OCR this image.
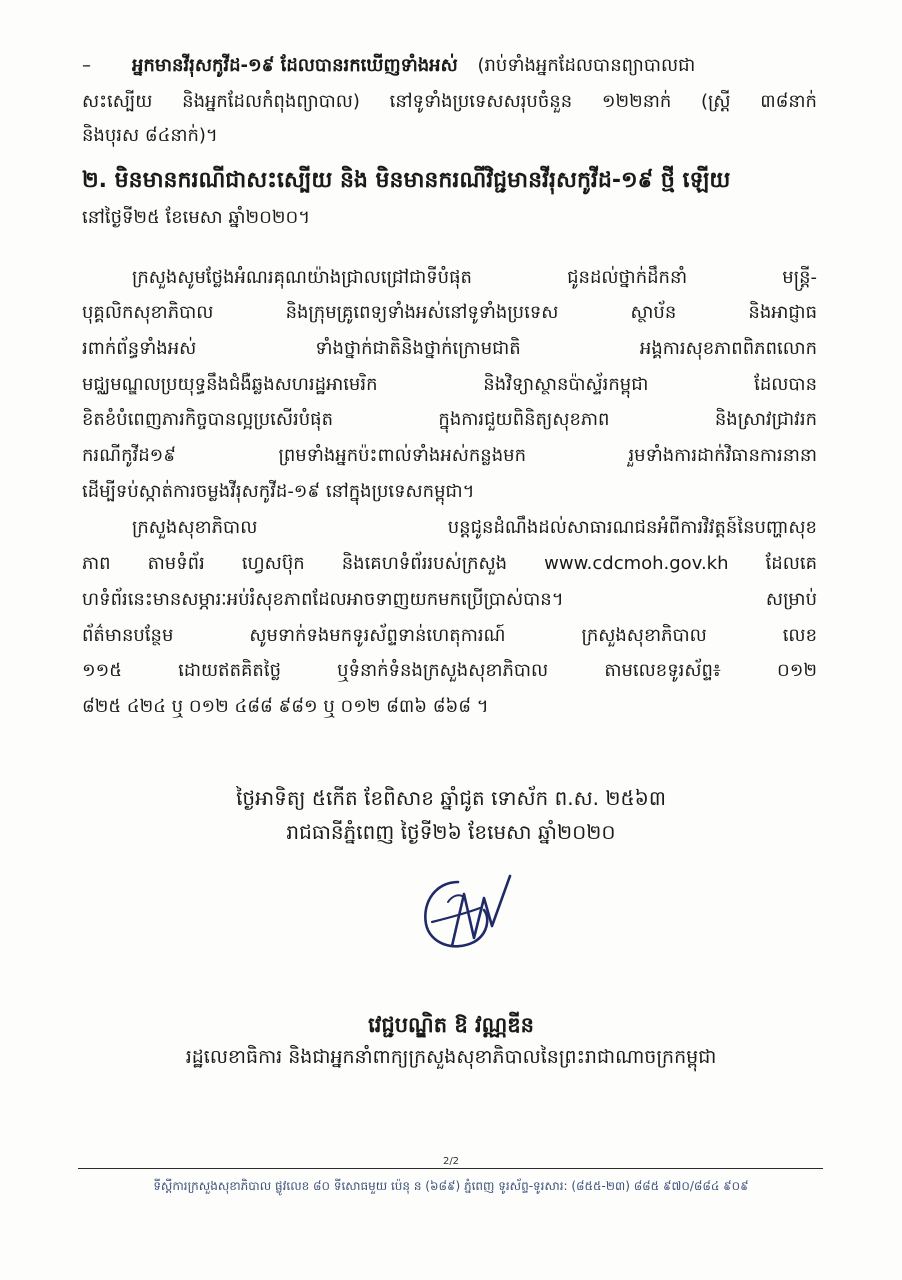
– អ្នកមានវីរុសកូវីដ-១៩ ដែលបានរកឃើញទាំងអស់ (រាប់ទាំងអ្នកដែលបានព្យាបាលជា
សះស្បើយ និងអ្នកដែលកំពុងព្យាបាល) នៅទូទាំងប្រទេសសរុបចំនួន ១២២នាក់ (ស្ត្រី ៣៨នាក់
និងបុរស ៨៤នាក់)។
២. មិនមានករណីជាសះស្បើយ និង មិនមានករណីវិជ្ជមានវីរុសកូវីដ-១៩ ថ្មី ឡើយ
នៅថ្ងៃទី២៥ ខែមេសា ឆ្នាំ២០២០។
ក្រសួងសូមថ្លែងអំណរគុណយ៉ាងជ្រាលជ្រៅជាទីបំផុត ជូនដល់ថ្នាក់ដឹកនាំ មន្ត្រី-
បុគ្គលិកសុខាភិបាល និងក្រុមគ្រូពេទ្យទាំងអស់នៅទូទាំងប្រទេស ស្ថាប័ន និងអាជ្ញាធ
រពាក់ព័ន្ធទាំងអស់ ទាំងថ្នាក់ជាតិនិងថ្នាក់ក្រោមជាតិ អង្គការសុខភាពពិភពលោក
មជ្ឈមណ្ឌលប្រយុទ្ធនឹងជំងឺឆ្លងសហរដ្ឋអាមេរិក និងវិទ្យាស្ថានប៉ាស្ទ័រកម្ពុជា ដែលបាន
ខិតខំបំពេញភារកិច្ចបានល្អប្រសើរបំផុត ក្នុងការជួយពិនិត្យសុខភាព និងស្រាវជ្រាវរក
ករណីកូវីដ១៩ ព្រមទាំងអ្នកប៉ះពាល់ទាំងអស់កន្លងមក រួមទាំងការដាក់វិធានការនានា
ដើម្បីទប់ស្កាត់ការចម្លងវីរុសកូវីដ-១៩ នៅក្នុងប្រទេសកម្ពុជា។
ក្រសួងសុខាភិបាល បន្តជូនដំណឹងដល់សាធារណជនអំពីការវិវត្តន៍នៃបញ្ហាសុខ
ភាព តាមទំព័រ ហ្វេសប៊ុក និងគេហទំព័ររបស់ក្រសួង www.cdcmoh.gov.kh ដែលគេ
ហទំព័រនេះមានសម្ភារៈអប់រំសុខភាពដែលអាចទាញយកមកប្រើប្រាស់បាន។ សម្រាប់
ព័ត៌មានបន្ថែម សូមទាក់ទងមកទូរស័ព្ទទាន់ហេតុការណ៍ ក្រសួងសុខាភិបាល លេខ
១១៥ ដោយឥតគិតថ្លៃ ឬទំនាក់ទំនងក្រសួងសុខាភិបាល តាមលេខទូរស័ព្ទ៖ ០១២
៨២៥ ៤២៤ ឬ ០១២ ៤៨៨ ៩៨១ ឬ ០១២ ៨៣៦ ៨៦៨ ។
ថ្ងៃអាទិត្យ ៥កើត ខែពិសាខ ឆ្នាំជូត ទោស័ក ព.ស. ២៥៦៣
រាជធានីភ្នំពេញ ថ្ងៃទី២៦ ខែមេសា ឆ្នាំ២០២០
វេជ្ជបណ្ឌិត ឱ វណ្ណឌីន
រដ្ឋលេខាធិការ និងជាអ្នកនាំពាក្យក្រសួងសុខាភិបាលនៃព្រះរាជាណាចក្រកម្ពុជា
2/2
ទីស្តីការក្រសួងសុខាភិបាល ផ្លូវលេខ ៨០ ទីសោធមួយ ប៉េនុ ន (៦៨៩) ភ្នំពេញ ទូរស័ព្ទ-ទូរសារ: (៨៥៥-២៣) ៨៨៥ ៩៧០/៨៨៤ ៩០៩
